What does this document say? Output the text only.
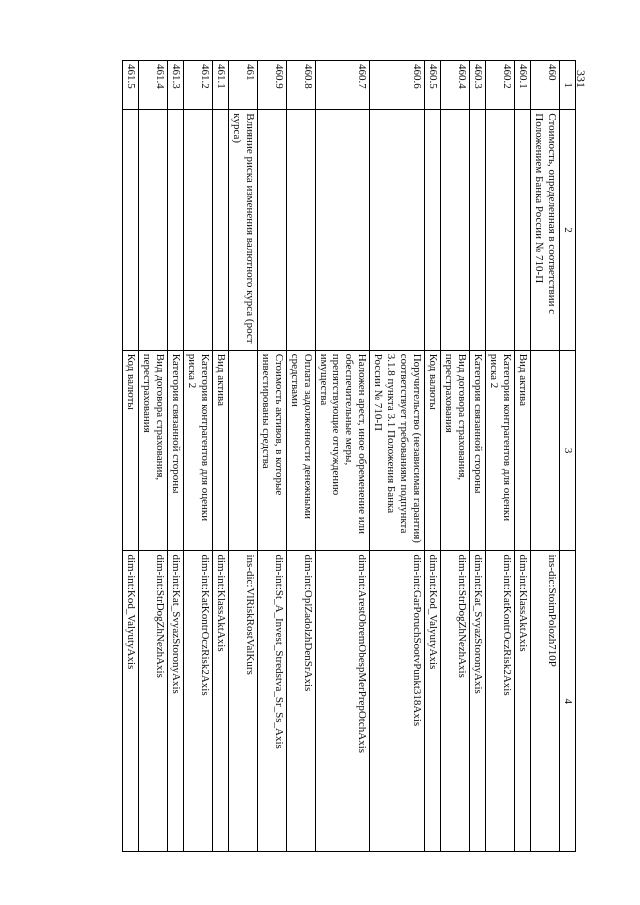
331
1	2	3	4
460	Стоимость, определенная в соответствии с Положением Банка России № 710-П		ins-dic:StoimPolozh710P
460.1		Вид актива	dim-int:KlassAktAxis
460.2		Категория контрагентов для оценки риска 2	dim-int:KatKontrOczRisk2Axis
460.3		Категория связанной стороны	dim-int:Kat_SvyazStoronyAxis
460.4		Вид договора страхования, перестрахования	dim-int:StrDogZhNezhAxis
460.5		Код валюты	dim-int:Kod_ValyutyAxis
460.6		Поручительство (независимая гарантия) соответствует требованиям подпункта 3.1.8 пункта 3.1 Положения Банка России № 710-П	dim-int:GarPoruchSootvPunkt318Axis
460.7		Наложен арест, иное обременение или обеспечительные меры, препятствующие отчуждению имущества	dim-int:ArestObremObespMerPrepOtchAxis
460.8		Оплата задолженности денежными средствами	dim-int:OplZadolzhDenSrAxis
460.9		Стоимость активов, в которые инвестированы средства	dim-int:St_A_Invest_Stredstva_Sr_Ss_Axis
461	Влияние риска изменения валютного курса (рост курса)		ins-dic:VlRiskRostValKurs
461.1		Вид актива	dim-int:KlassAktAxis
461.2		Категория контрагентов для оценки риска 2	dim-int:KatKontrOczRisk2Axis
461.3		Категория связанной стороны	dim-int:Kat_SvyazStoronyAxis
461.4		Вид договора страхования, перестрахования	dim-int:StrDogZhNezhAxis
461.5		Код валюты	dim-int:Kod_ValyutyAxis
